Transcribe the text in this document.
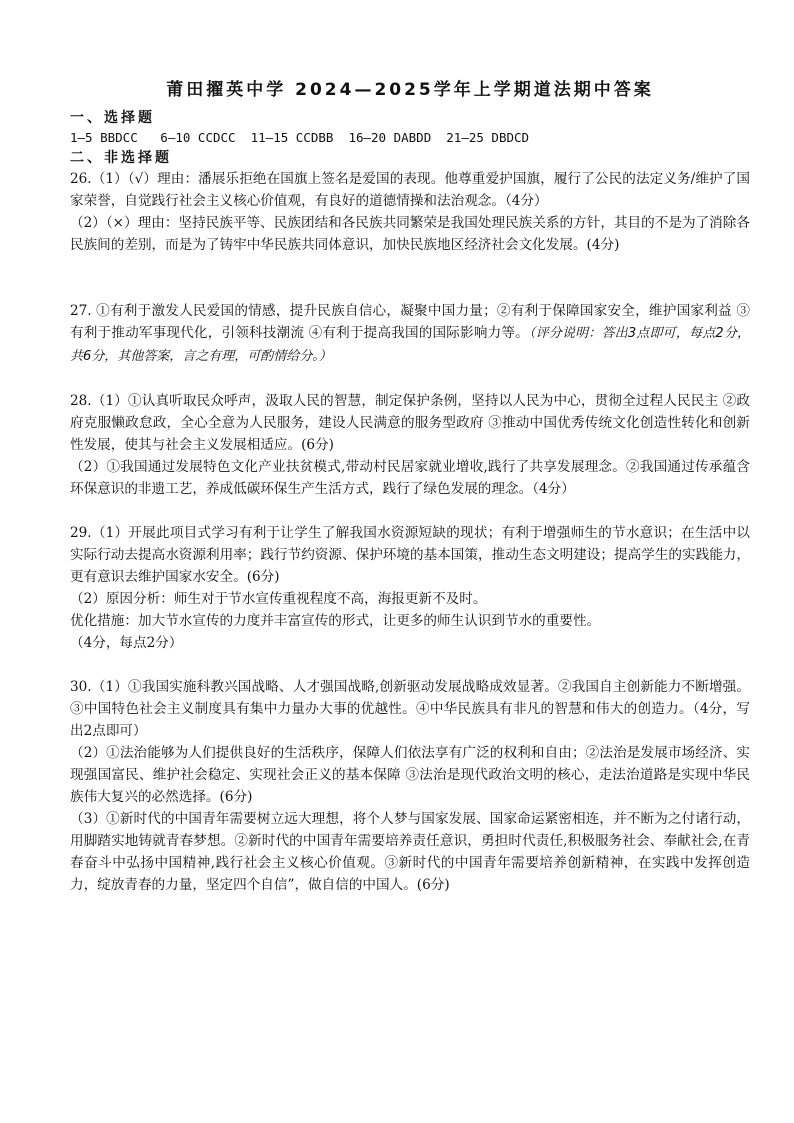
莆田擢英中学 2024—2025学年上学期道法期中答案

一、选择题

1—5 BBDCC   6—10 CCDCC  11—15 CCDBB  16—20 DABDD  21—25 DBDCD

二、非选择题

26.（1）（√）理由：潘展乐拒绝在国旗上签名是爱国的表现。他尊重爱护国旗，履行了公民的法定义务/维护了国家荣誉，自觉践行社会主义核心价值观，有良好的道德情操和法治观念。（4分）

（2）（×）理由：坚持民族平等、民族团结和各民族共同繁荣是我国处理民族关系的方针，其目的不是为了消除各民族间的差别，而是为了铸牢中华民族共同体意识，加快民族地区经济社会文化发展。(4分)

27. ①有利于激发人民爱国的情感，提升民族自信心，凝聚中国力量；②有利于保障国家安全，维护国家利益 ③有利于推动军事现代化，引领科技潮流 ④有利于提高我国的国际影响力等。（评分说明：答出3点即可，每点2分，共6分，其他答案，言之有理，可酌情给分。）

28.（1）①认真听取民众呼声，汲取人民的智慧，制定保护条例，坚持以人民为中心，贯彻全过程人民民主 ②政府克服懒政怠政，全心全意为人民服务，建设人民满意的服务型政府 ③推动中国优秀传统文化创造性转化和创新性发展，使其与社会主义发展相适应。(6分)

（2）①我国通过发展特色文化产业扶贫模式,带动村民居家就业增收,践行了共享发展理念。②我国通过传承蕴含环保意识的非遗工艺，养成低碳环保生产生活方式，践行了绿色发展的理念。（4分）

29.（1）开展此项目式学习有利于让学生了解我国水资源短缺的现状；有利于增强师生的节水意识；在生活中以实际行动去提高水资源利用率；践行节约资源、保护环境的基本国策，推动生态文明建设；提高学生的实践能力，更有意识去维护国家水安全。(6分)

（2）原因分析：师生对于节水宣传重视程度不高，海报更新不及时。

优化措施：加大节水宣传的力度并丰富宣传的形式，让更多的师生认识到节水的重要性。

（4分，每点2分）

30.（1）①我国实施科教兴国战略、人才强国战略,创新驱动发展战略成效显著。②我国自主创新能力不断增强。③中国特色社会主义制度具有集中力量办大事的优越性。④中华民族具有非凡的智慧和伟大的创造力。（4分，写出2点即可）

（2）①法治能够为人们提供良好的生活秩序，保障人们依法享有广泛的权利和自由；②法治是发展市场经济、实现强国富民、维护社会稳定、实现社会正义的基本保障 ③法治是现代政治文明的核心，走法治道路是实现中华民族伟大复兴的必然选择。(6分)

（3）①新时代的中国青年需要树立远大理想，将个人梦与国家发展、国家命运紧密相连，并不断为之付诸行动，用脚踏实地铸就青春梦想。②新时代的中国青年需要培养责任意识，勇担时代责任,积极服务社会、奉献社会,在青春奋斗中弘扬中国精神,践行社会主义核心价值观。③新时代的中国青年需要培养创新精神，在实践中发挥创造力，绽放青春的力量，坚定四个自信”，做自信的中国人。(6分)
